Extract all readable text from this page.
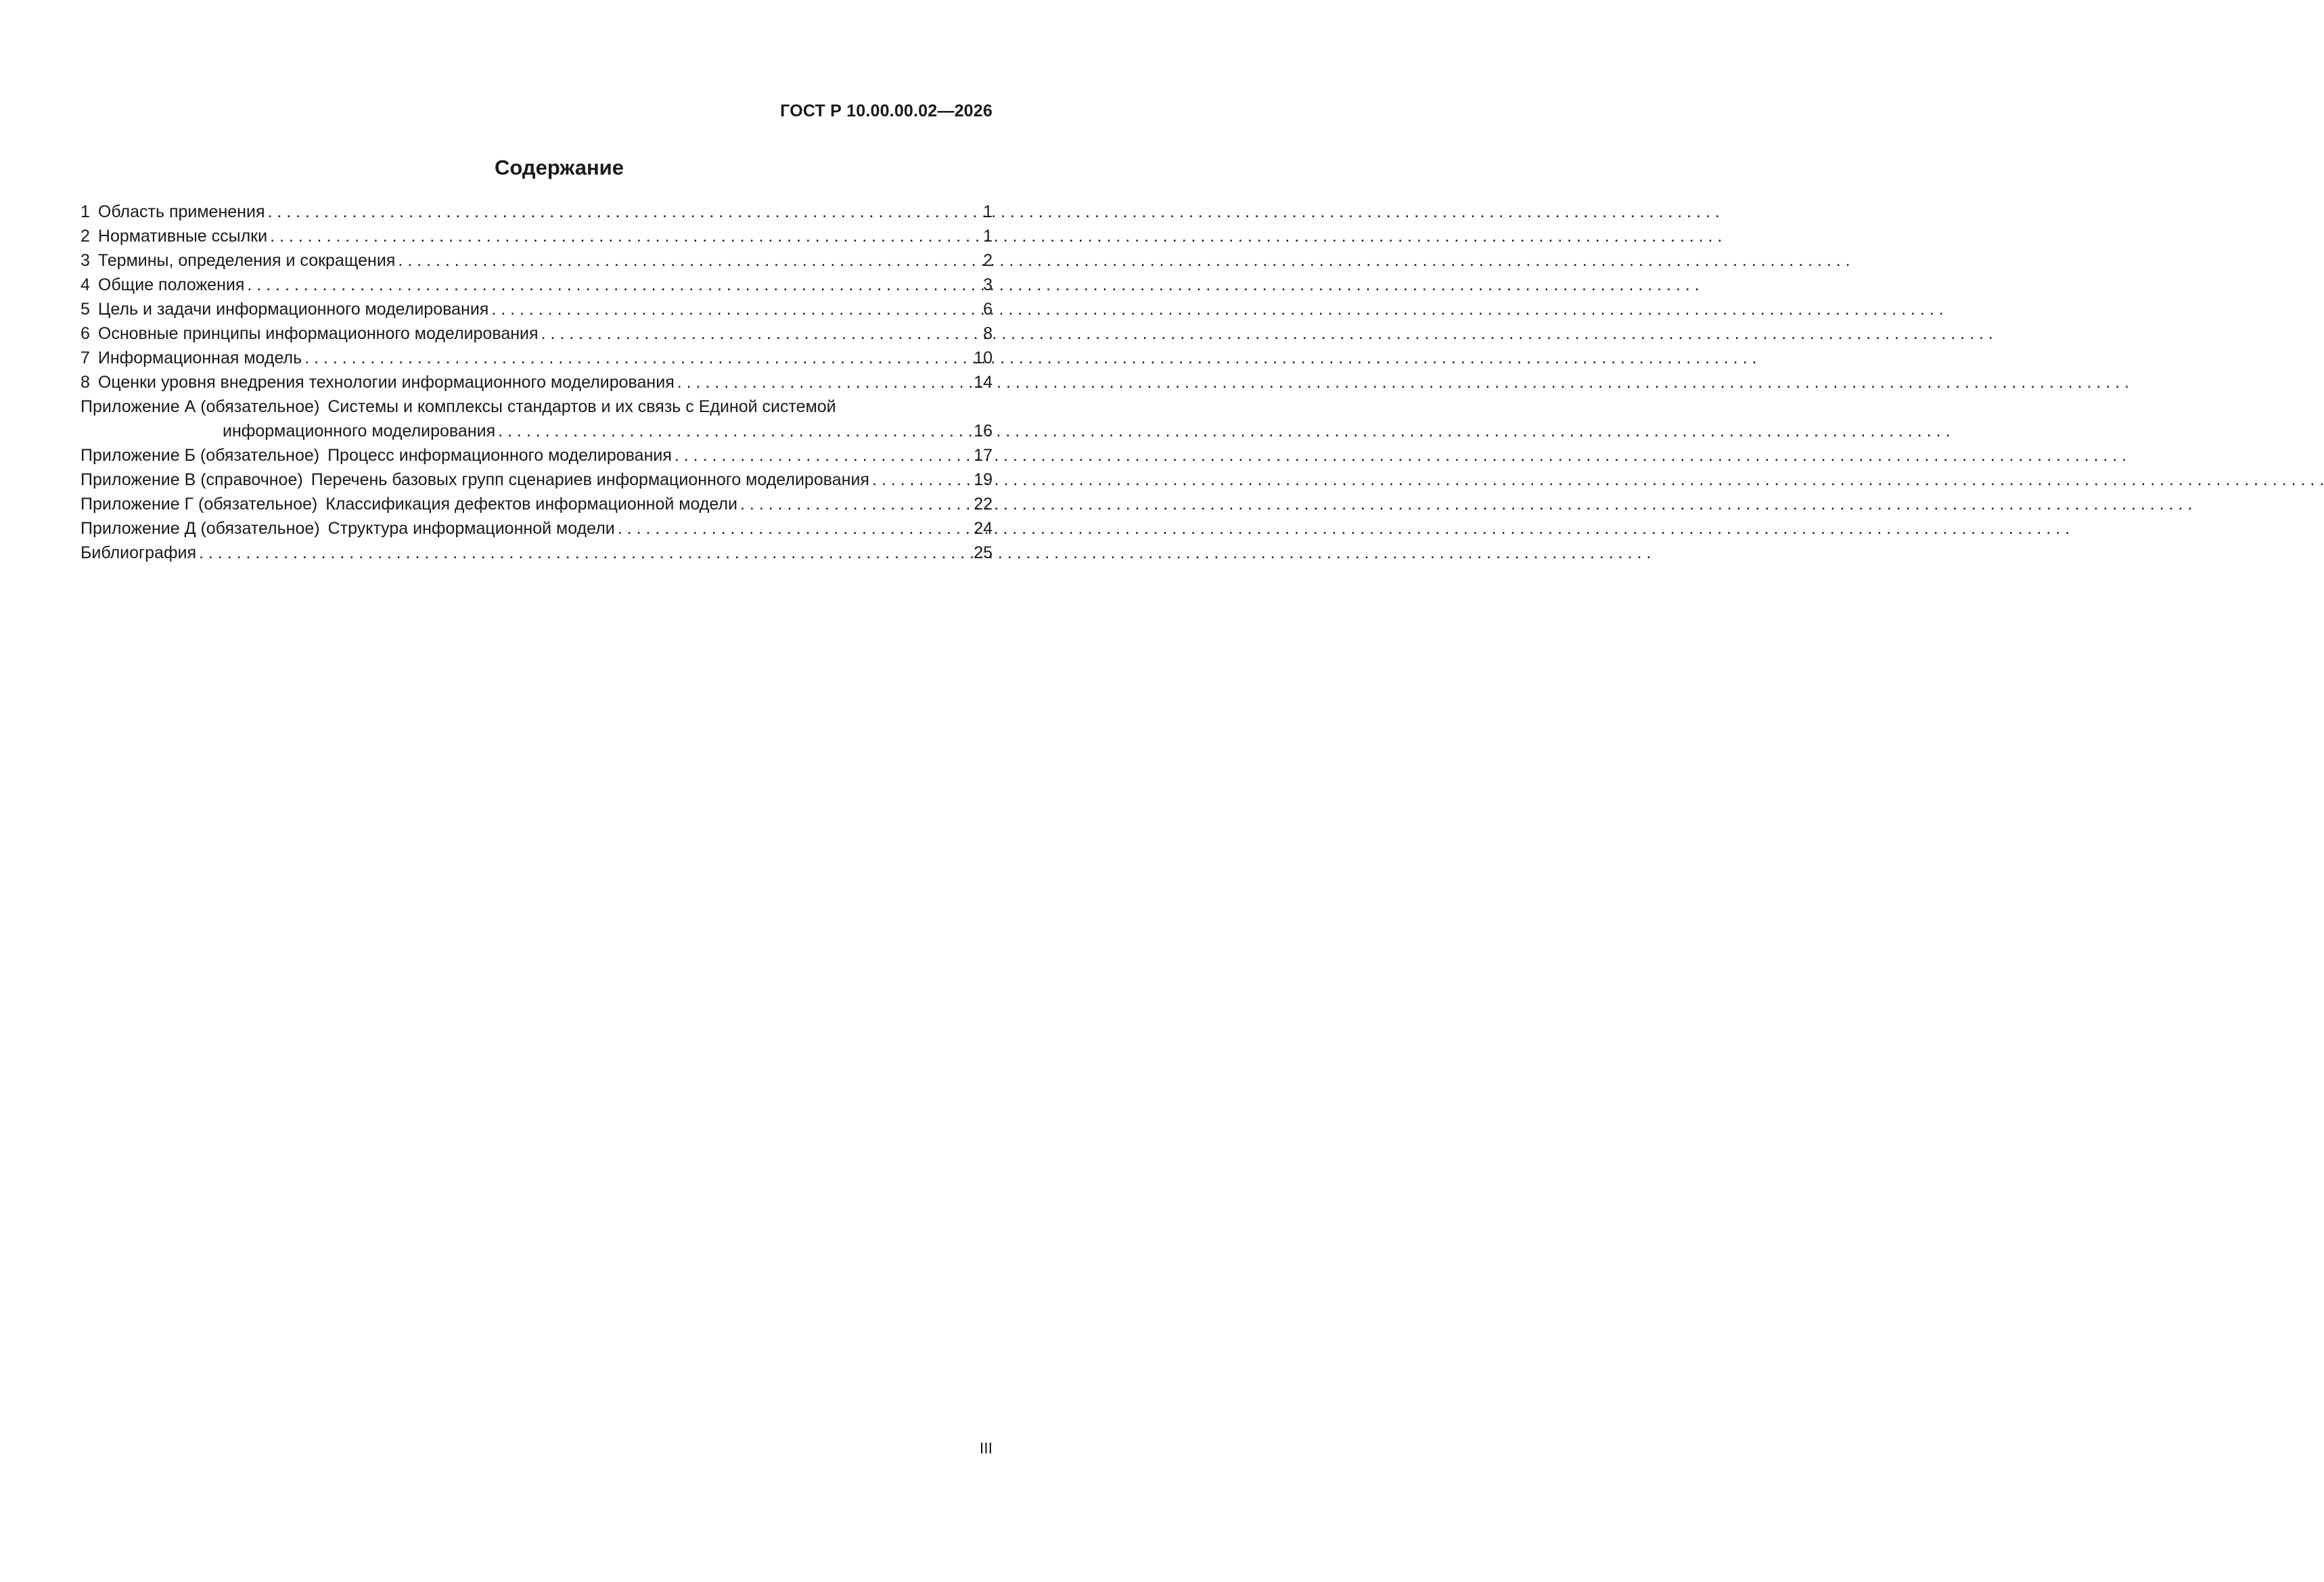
ГОСТ Р 10.00.00.02—2026
Содержание
1 Область применения . . .	1
2 Нормативные ссылки . . .	1
3 Термины, определения и сокращения . . .	2
4 Общие положения . . .	3
5 Цель и задачи информационного моделирования . . .	6
6 Основные принципы информационного моделирования . . .	8
7 Информационная модель . . .	10
8 Оценки уровня внедрения технологии информационного моделирования . . .	14
Приложение А (обязательное) Системы и комплексы стандартов и их связь с Единой системой
информационного моделирования . . .	16
Приложение Б (обязательное) Процесс информационного моделирования . . .	17
Приложение В (справочное) Перечень базовых групп сценариев информационного моделирования . . .	19
Приложение Г (обязательное) Классификация дефектов информационной модели . . .	22
Приложение Д (обязательное) Структура информационной модели . . .	24
Библиография . . .	25
III
